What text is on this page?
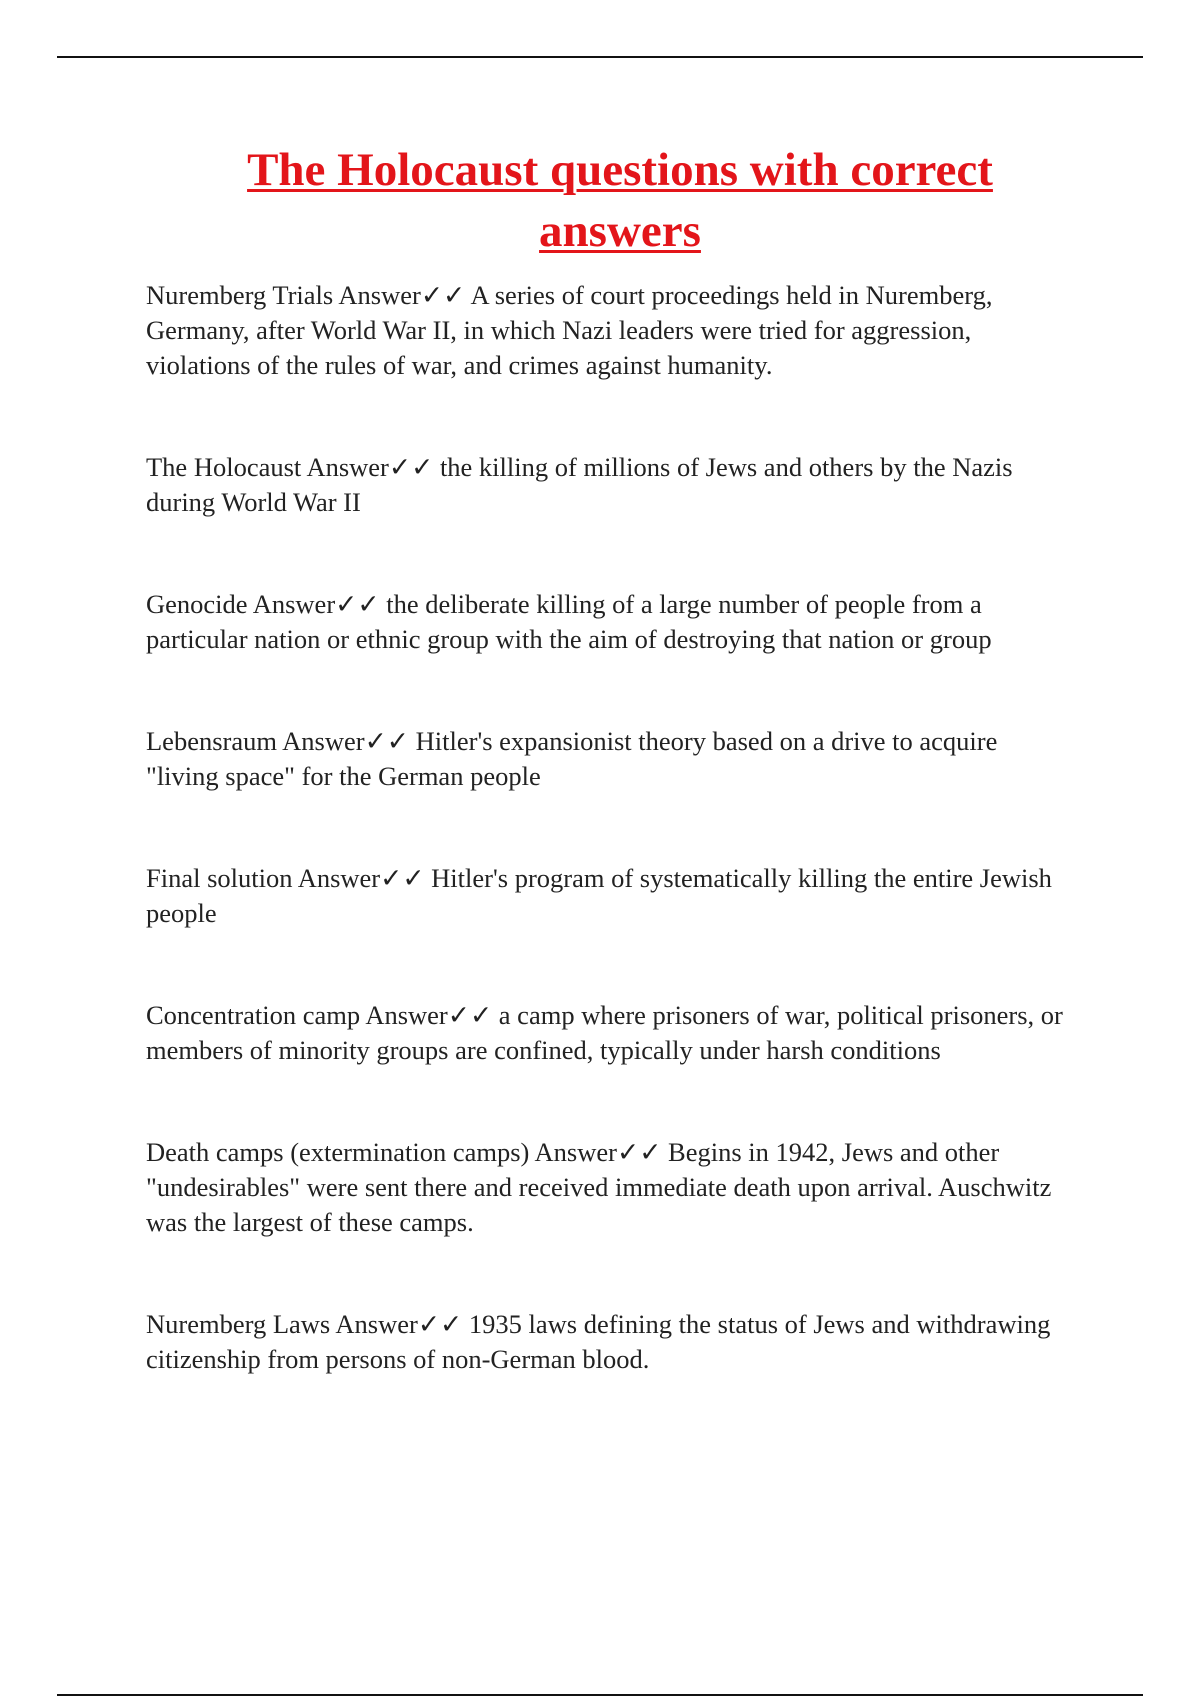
The Holocaust questions with correct answers
Nuremberg Trials Answer✓✓ A series of court proceedings held in Nuremberg, Germany, after World War II, in which Nazi leaders were tried for aggression, violations of the rules of war, and crimes against humanity.
The Holocaust Answer✓✓ the killing of millions of Jews and others by the Nazis during World War II
Genocide Answer✓✓ the deliberate killing of a large number of people from a particular nation or ethnic group with the aim of destroying that nation or group
Lebensraum Answer✓✓ Hitler's expansionist theory based on a drive to acquire "living space" for the German people
Final solution Answer✓✓ Hitler's program of systematically killing the entire Jewish people
Concentration camp Answer✓✓ a camp where prisoners of war, political prisoners, or members of minority groups are confined, typically under harsh conditions
Death camps (extermination camps) Answer✓✓ Begins in 1942, Jews and other "undesirables" were sent there and received immediate death upon arrival. Auschwitz was the largest of these camps.
Nuremberg Laws Answer✓✓ 1935 laws defining the status of Jews and withdrawing citizenship from persons of non-German blood.
